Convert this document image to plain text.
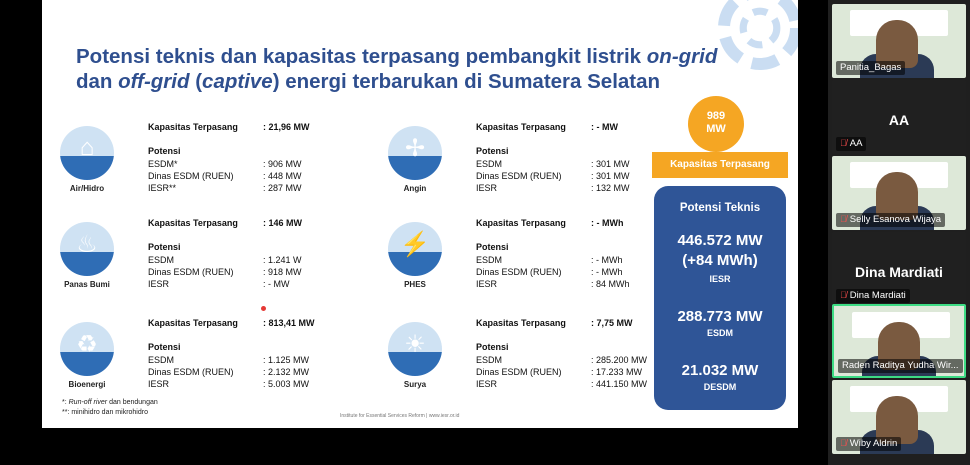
Potensi teknis dan kapasitas terpasang pembangkit listrik on-grid
dan off-grid (captive) energi terbarukan di Sumatera Selatan
⌂
Air/Hidro
Kapasitas Terpasang	: 21,96 MW
Potensi
ESDM*	: 906 MW
Dinas ESDM (RUEN)	: 448 MW
IESR**	: 287 MW
✢
Angin
Kapasitas Terpasang	: - MW
Potensi
ESDM	: 301 MW
Dinas ESDM (RUEN)	: 301 MW
IESR	: 132 MW
♨
Panas Bumi
Kapasitas Terpasang	: 146 MW
Potensi
ESDM	: 1.241 W
Dinas ESDM (RUEN)	: 918 MW
IESR	: - MW
⚡
PHES
Kapasitas Terpasang	: - MWh
Potensi
ESDM	: - MWh
Dinas ESDM (RUEN)	: - MWh
IESR	: 84 MWh
♻
Bioenergi
Kapasitas Terpasang	: 813,41 MW
Potensi
ESDM	: 1.125 MW
Dinas ESDM (RUEN)	: 2.132 MW
IESR	: 5.003 MW
☀
Surya
Kapasitas Terpasang	: 7,75 MW
Potensi
ESDM	: 285.200 MW
Dinas ESDM (RUEN)	: 17.233 MW
IESR	: 441.150 MW
989
MW
Kapasitas Terpasang
Potensi Teknis
446.572 MW
(+84 MWh)
IESR
288.773 MW
ESDM
21.032 MW
DESDM
*: Run-off river dan bendungan
**: minihidro dan mikrohidro	Institute for Essential Services Reform | www.iesr.or.id
Panitia_Bagas
AA
🎙̸ AA
🎙̸ Selly Esanova Wijaya
Dina Mardiati
🎙̸ Dina Mardiati
Raden Raditya Yudha Wir...
🎙̸ Wiby Aldrin
